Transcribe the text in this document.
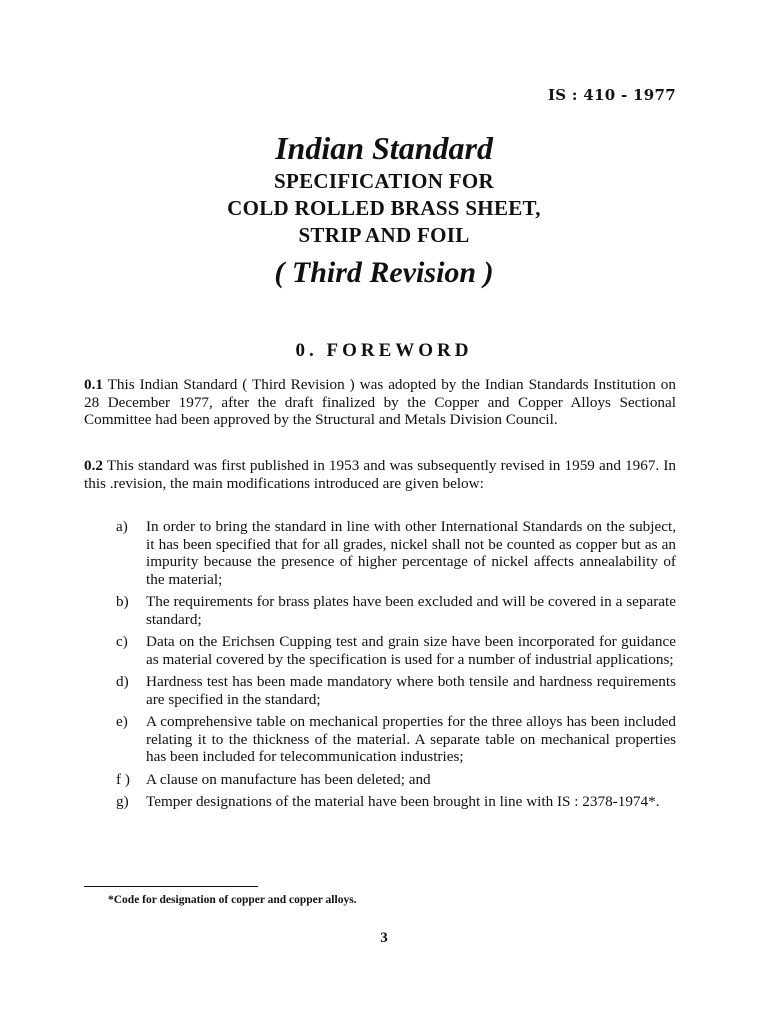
IS : 410 - 1977
Indian Standard
SPECIFICATION FOR
COLD ROLLED BRASS SHEET,
STRIP AND FOIL
( Third Revision )
0. FOREWORD
0.1 This Indian Standard ( Third Revision ) was adopted by the Indian Standards Institution on 28 December 1977, after the draft finalized by the Copper and Copper Alloys Sectional Committee had been approved by the Structural and Metals Division Council.
0.2 This standard was first published in 1953 and was subsequently revised in 1959 and 1967. In this .revision, the main modifications introduced are given below:
a) In order to bring the standard in line with other International Standards on the subject, it has been specified that for all grades, nickel shall not be counted as copper but as an impurity because the presence of higher percentage of nickel affects annealability of the material;
b) The requirements for brass plates have been excluded and will be covered in a separate standard;
c) Data on the Erichsen Cupping test and grain size have been incorporated for guidance as material covered by the specification is used for a number of industrial applications;
d) Hardness test has been made mandatory where both tensile and hardness requirements are specified in the standard;
e) A comprehensive table on mechanical properties for the three alloys has been included relating it to the thickness of the material. A separate table on mechanical properties has been included for telecommunication industries;
f ) A clause on manufacture has been deleted; and
g) Temper designations of the material have been brought in line with IS : 2378-1974*.
*Code for designation of copper and copper alloys.
3
